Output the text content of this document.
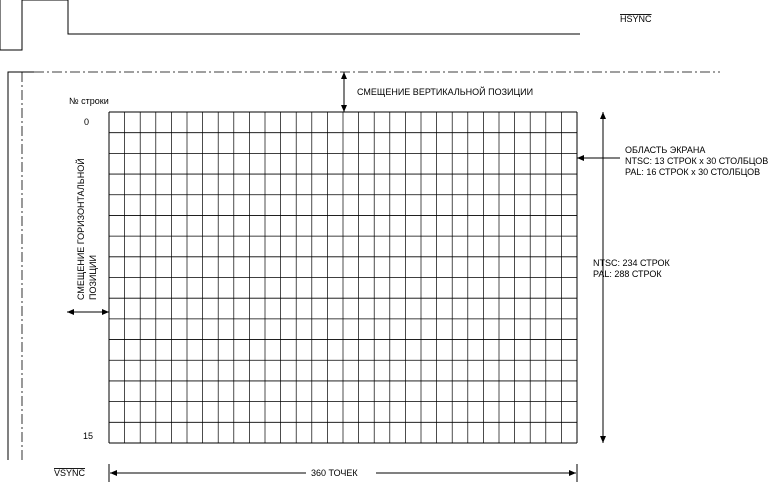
HSYNC
VSYNC
№ строки
0
15
СМЕЩЕНИЕ ВЕРТИКАЛЬНОЙ ПОЗИЦИИ
СМЕЩЕНИЕ ГОРИЗОНТАЛЬНОЙ ПОЗИЦИИ
ОБЛАСТЬ ЭКРАНА
NTSC: 13 СТРОК x 30 СТОЛБЦОВ
PAL: 16 СТРОК x 30 СТОЛБЦОВ
NTSC: 234 СТРОК
PAL: 288 СТРОК
360 ТОЧЕК
